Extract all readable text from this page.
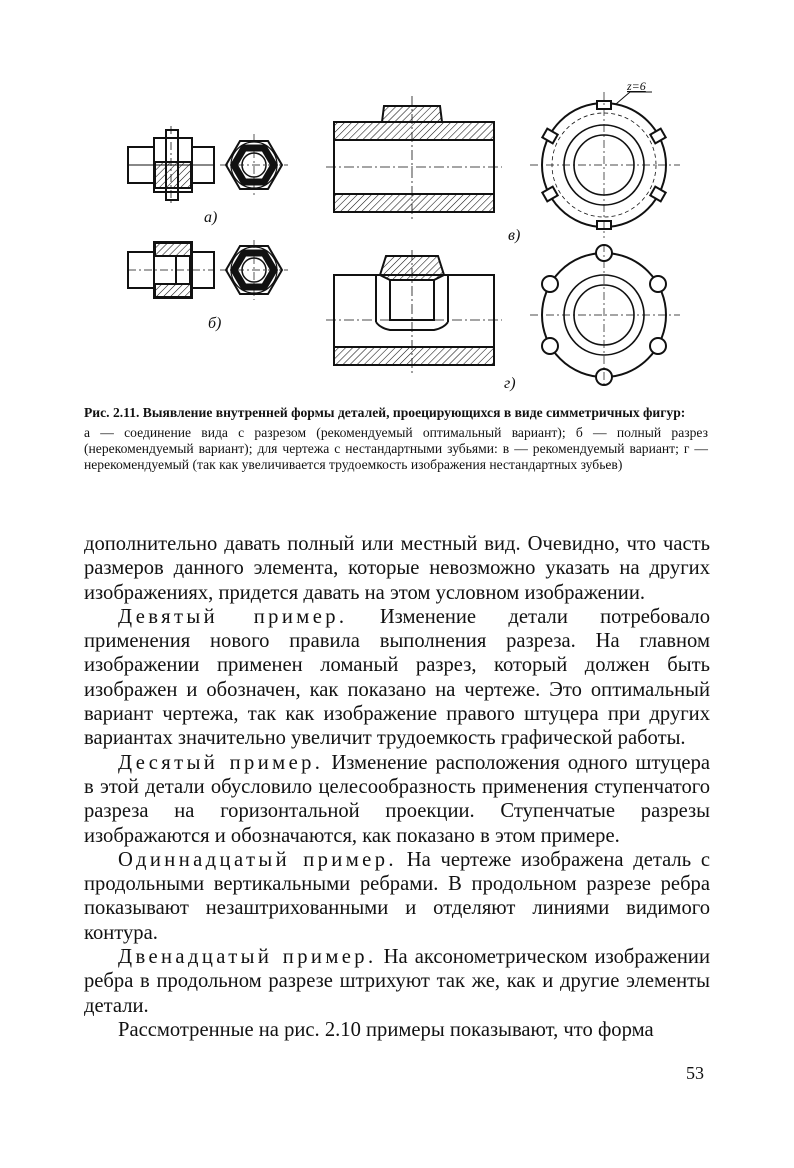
а)
б)
в)
z=6
г)

Рис. 2.11. Выявление внутренней формы деталей, проецирующихся в виде симметричных фигур:

а — соединение вида с разрезом (рекомендуемый оптимальный вариант); б — полный разрез (нерекомендуемый вариант); для чертежа с нестандартными зубьями: в — рекомендуемый вариант; г — нерекомендуемый (так как увеличивается трудоемкость изображения нестандартных зубьев)

дополнительно давать полный или местный вид. Очевидно, что часть размеров данного элемента, которые невозможно указать на других изображениях, придется давать на этом условном изображении.

Девятый пример. Изменение детали потребовало применения нового правила выполнения разреза. На главном изображении применен ломаный разрез, который должен быть изображен и обозначен, как показано на чертеже. Это оптимальный вариант чертежа, так как изображение правого штуцера при других вариантах значительно увеличит трудоемкость графической работы.

Десятый пример. Изменение расположения одного штуцера в этой детали обусловило целесообразность применения ступенчатого разреза на горизонтальной проекции. Ступенчатые разрезы изображаются и обозначаются, как показано в этом примере.

Одиннадцатый пример. На чертеже изображена деталь с продольными вертикальными ребрами. В продольном разрезе ребра показывают незаштрихованными и отделяют линиями видимого контура.

Двенадцатый пример. На аксонометрическом изображении ребра в продольном разрезе штрихуют так же, как и другие элементы детали.

Рассмотренные на рис. 2.10 примеры показывают, что форма

53
